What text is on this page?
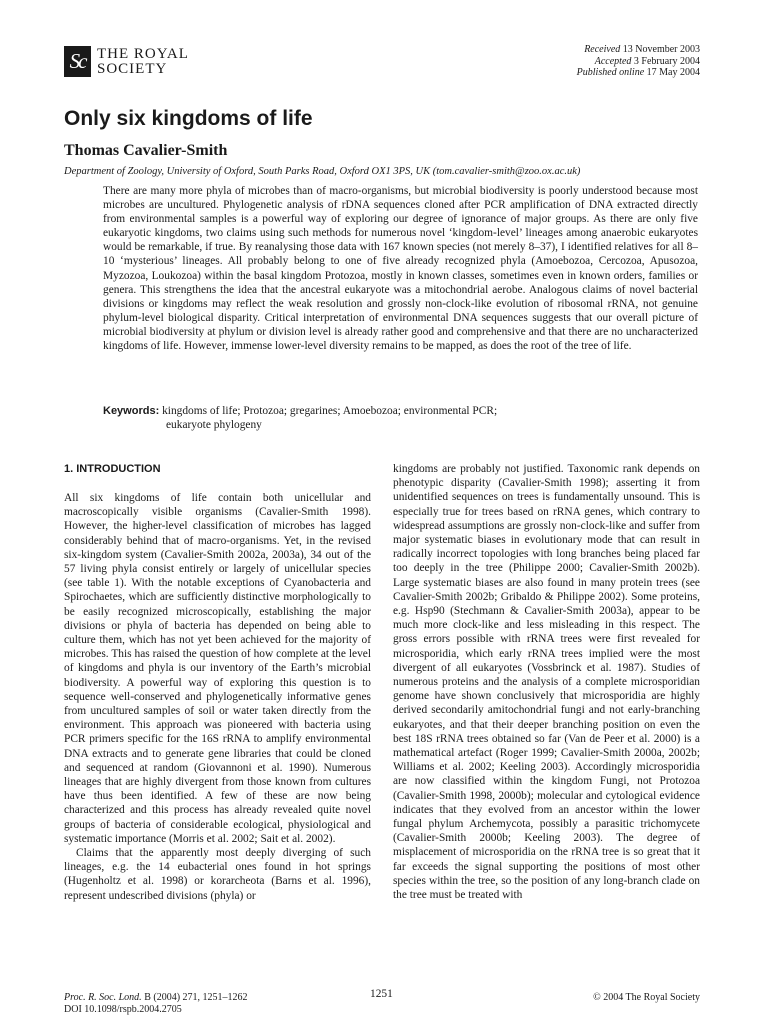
Sc THE ROYAL
SOCIETY
Received 13 November 2003
Accepted 3 February 2004
Published online 17 May 2004
Only six kingdoms of life
Thomas Cavalier-Smith
Department of Zoology, University of Oxford, South Parks Road, Oxford OX1 3PS, UK (tom.cavalier-smith@zoo.ox.ac.uk)

There are many more phyla of microbes than of macro-organisms, but microbial biodiversity is poorly understood because most microbes are uncultured. Phylogenetic analysis of rDNA sequences cloned after PCR amplification of DNA extracted directly from environmental samples is a powerful way of exploring our degree of ignorance of major groups. As there are only five eukaryotic kingdoms, two claims using such methods for numerous novel ‘kingdom-level’ lineages among anaerobic eukaryotes would be remarkable, if true. By reanalysing those data with 167 known species (not merely 8–37), I identified relatives for all 8–10 ‘mysterious’ lineages. All probably belong to one of five already recognized phyla (Amoebozoa, Cercozoa, Apusozoa, Myzozoa, Loukozoa) within the basal kingdom Protozoa, mostly in known classes, sometimes even in known orders, families or genera. This strengthens the idea that the ancestral eukaryote was a mitochondrial aerobe. Analogous claims of novel bacterial divisions or kingdoms may reflect the weak resolution and grossly non-clock-like evolution of ribosomal rRNA, not genuine phylum-level biological disparity. Critical interpretation of environmental DNA sequences suggests that our overall picture of microbial biodiversity at phylum or division level is already rather good and comprehensive and that there are no uncharacterized kingdoms of life. However, immense lower-level diversity remains to be mapped, as does the root of the tree of life.

Keywords: kingdoms of life; Protozoa; gregarines; Amoebozoa; environmental PCR;
eukaryote phylogeny
1. INTRODUCTION

All six kingdoms of life contain both unicellular and macroscopically visible organisms (Cavalier-Smith 1998). However, the higher-level classification of microbes has lagged considerably behind that of macro-organisms. Yet, in the revised six-kingdom system (Cavalier-Smith 2002a, 2003a), 34 out of the 57 living phyla consist entirely or largely of unicellular species (see table 1). With the notable exceptions of Cyanobacteria and Spirochaetes, which are sufficiently distinctive morphologically to be easily recognized microscopically, establishing the major divisions or phyla of bacteria has depended on being able to culture them, which has not yet been achieved for the majority of microbes. This has raised the question of how complete at the level of kingdoms and phyla is our inventory of the Earth’s microbial biodiversity. A powerful way of exploring this question is to sequence well-conserved and phylogenetically informative genes from uncultured samples of soil or water taken directly from the environment. This approach was pioneered with bacteria using PCR primers specific for the 16S rRNA to amplify environmental DNA extracts and to generate gene libraries that could be cloned and sequenced at random (Giovannoni et al. 1990). Numerous lineages that are highly divergent from those known from cultures have thus been identified. A few of these are now being characterized and this process has already revealed quite novel groups of bacteria of considerable ecological, physiological and systematic importance (Morris et al. 2002; Sait et al. 2002).

Claims that the apparently most deeply diverging of such lineages, e.g. the 14 eubacterial ones found in hot springs (Hugenholtz et al. 1998) or korarcheota (Barns et al. 1996), represent undescribed divisions (phyla) or

kingdoms are probably not justified. Taxonomic rank depends on phenotypic disparity (Cavalier-Smith 1998); asserting it from unidentified sequences on trees is fundamentally unsound. This is especially true for trees based on rRNA genes, which contrary to widespread assumptions are grossly non-clock-like and suffer from major systematic biases in evolutionary mode that can result in radically incorrect topologies with long branches being placed far too deeply in the tree (Philippe 2000; Cavalier-Smith 2002b). Large systematic biases are also found in many protein trees (see Cavalier-Smith 2002b; Gribaldo & Philippe 2002). Some proteins, e.g. Hsp90 (Stechmann & Cavalier-Smith 2003a), appear to be much more clock-like and less misleading in this respect. The gross errors possible with rRNA trees were first revealed for microsporidia, which early rRNA trees implied were the most divergent of all eukaryotes (Vossbrinck et al. 1987). Studies of numerous proteins and the analysis of a complete microsporidian genome have shown conclusively that microsporidia are highly derived secondarily amitochondrial fungi and not early-branching eukaryotes, and that their deeper branching position on even the best 18S rRNA trees obtained so far (Van de Peer et al. 2000) is a mathematical artefact (Roger 1999; Cavalier-Smith 2000a, 2002b; Williams et al. 2002; Keeling 2003). Accordingly microsporidia are now classified within the kingdom Fungi, not Protozoa (Cavalier-Smith 1998, 2000b); molecular and cytological evidence indicates that they evolved from an ancestor within the lower fungal phylum Archemycota, possibly a parasitic trichomycete (Cavalier-Smith 2000b; Keeling 2003). The degree of misplacement of microsporidia on the rRNA tree is so great that it far exceeds the signal supporting the positions of most other species within the tree, so the position of any long-branch clade on the tree must be treated with

Proc. R. Soc. Lond. B (2004) 271, 1251–1262
DOI 10.1098/rspb.2004.2705
1251	© 2004 The Royal Society
